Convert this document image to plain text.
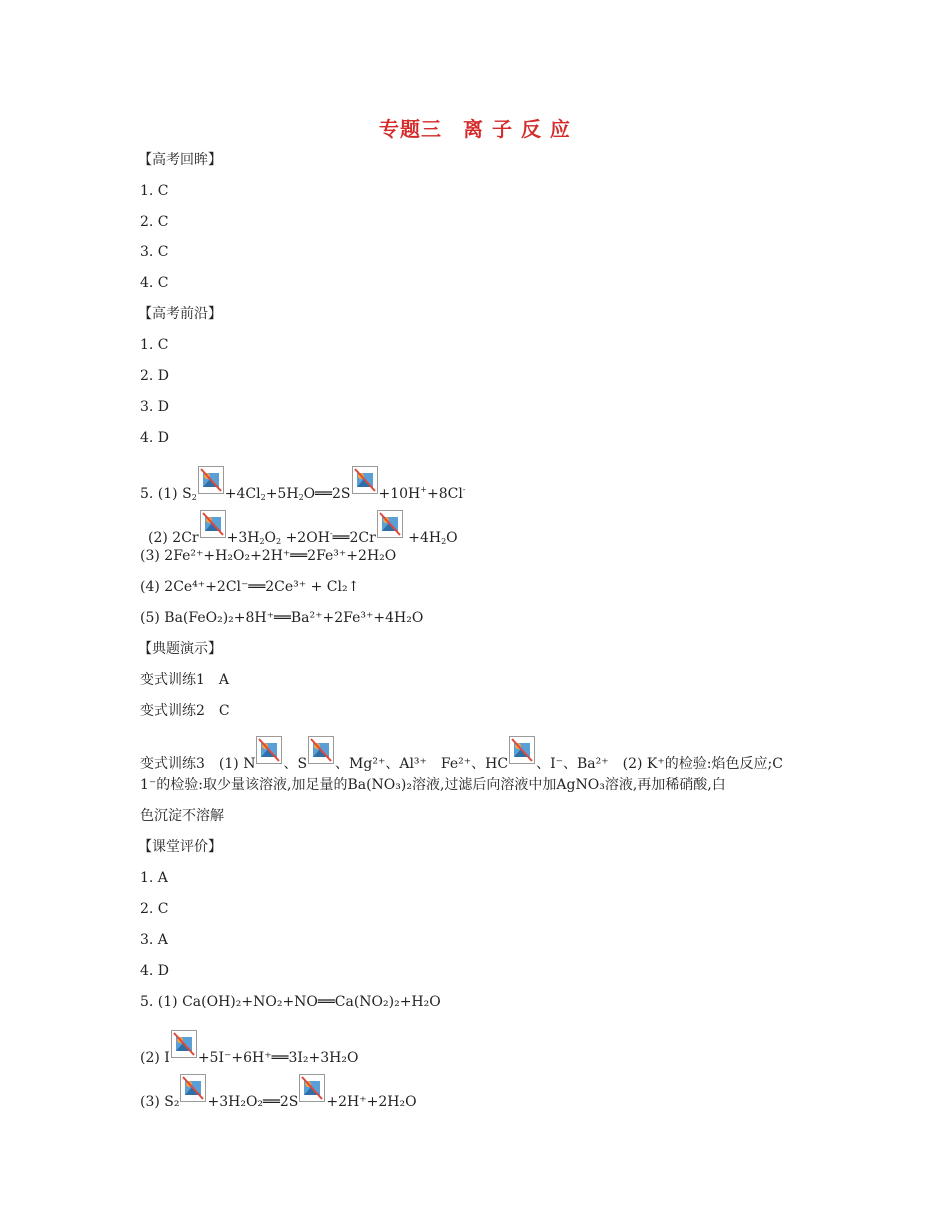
专题三　离 子 反 应
【高考回眸】
1. C
2. C
3. C
4. C
【高考前沿】
1. C
2. D
3. D
4. D
5. (1) $S_2$ $+4Cl_2+5H_2O══2S +10H^++8Cl^-$
(2) $2Cr +3H_2O_2$ +2OH-══2Cr
$+4H_2O$
(3) 2Fe²⁺+H₂O₂+2H⁺══2Fe³⁺+2H₂O
(4) 2Ce⁴⁺+2Cl⁻══2Ce³⁺ + Cl₂↑
(5) Ba(FeO₂)₂+8H⁺══Ba²⁺+2Fe³⁺+4H₂O
【典题演示】
变式训练1　A
变式训练2　C
变式训练3　(1) N 、S 、Mg²⁺、Al³⁺　Fe²⁺、HC 、I⁻、Ba²⁺　(2) K⁺的检验:焰色反应;C
1⁻的检验:取少量该溶液,加足量的Ba(NO₃)₂溶液,过滤后向溶液中加AgNO₃溶液,再加稀硝酸,白
色沉淀不溶解
【课堂评价】
1. A
2. C
3. A
4. D
5. (1) Ca(OH)₂+NO₂+NO══Ca(NO₂)₂+H₂O
(2) I +5I⁻+6H⁺══3I₂+3H₂O
(3) S₂ +3H₂O₂══2S +2H⁺+2H₂O
